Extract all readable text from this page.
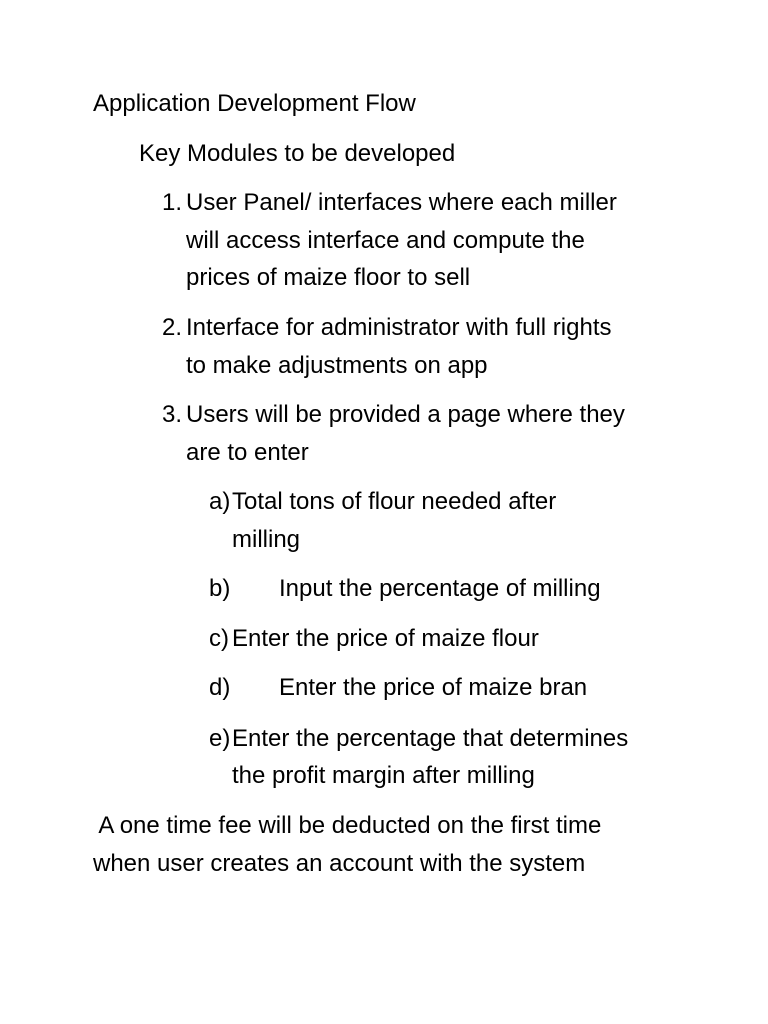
Application Development Flow
Key Modules to be developed
1. User Panel/ interfaces where each miller
will access interface and compute the
prices of maize floor to sell
2. Interface for administrator with full rights
to make adjustments on app
3. Users will be provided a page where they
are to enter
a) Total tons of flour needed after
milling
b) Input the percentage of milling
c) Enter the price of maize flour
d) Enter the price of maize bran
e) Enter the percentage that determines
the profit margin after milling
A one time fee will be deducted on the first time
when user creates an account with the system
